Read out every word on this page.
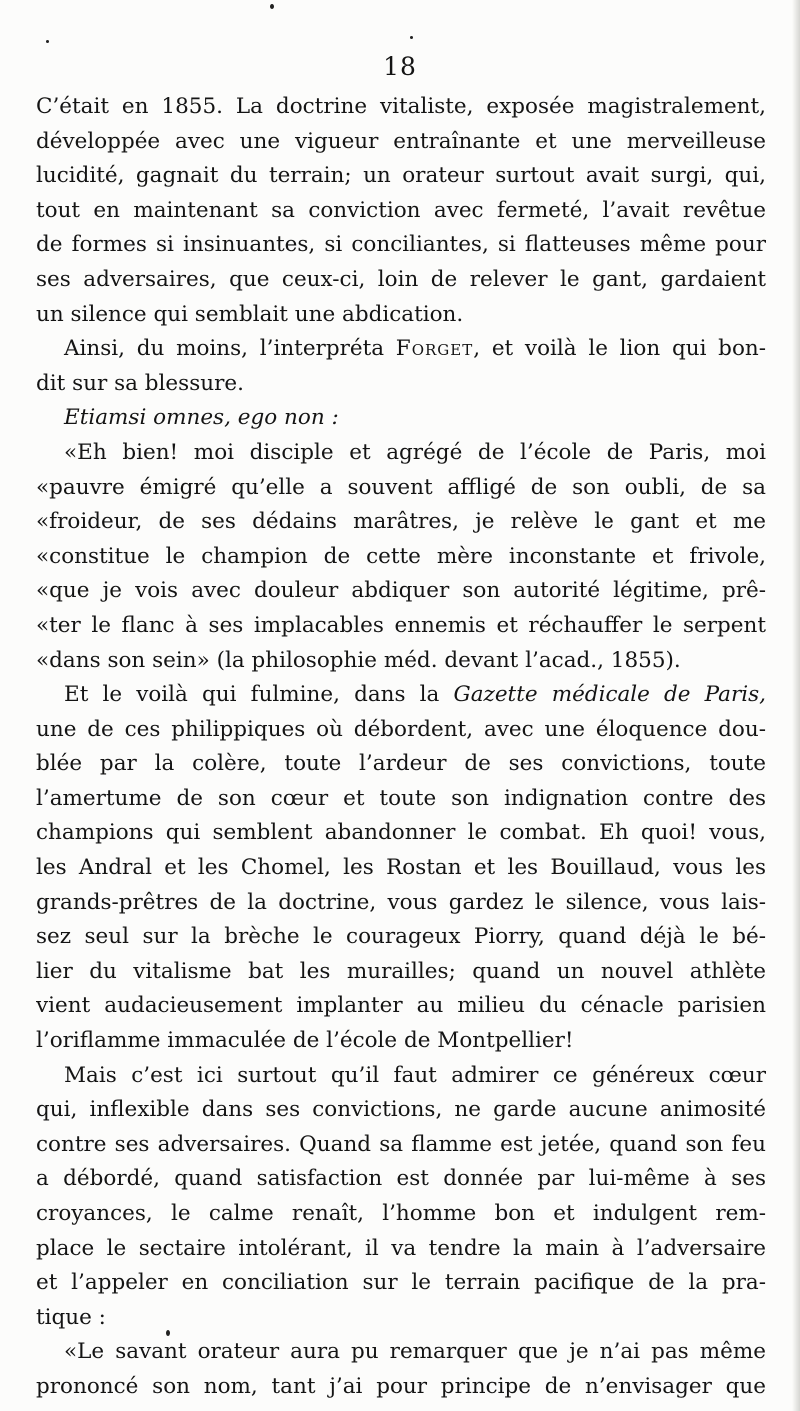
18
C’était en 1855. La doctrine vitaliste, exposée magistralement,
développée avec une vigueur entraînante et une merveilleuse
lucidité, gagnait du terrain; un orateur surtout avait surgi, qui,
tout en maintenant sa conviction avec fermeté, l’avait revêtue
de formes si insinuantes, si conciliantes, si flatteuses même pour
ses adversaires, que ceux-ci, loin de relever le gant, gardaient
un silence qui semblait une abdication.
Ainsi, du moins, l’interpréta Forget, et voilà le lion qui bon-
dit sur sa blessure.
Etiamsi omnes, ego non :
«Eh bien! moi disciple et agrégé de l’école de Paris, moi
«pauvre émigré qu’elle a souvent affligé de son oubli, de sa
«froideur, de ses dédains marâtres, je relève le gant et me
«constitue le champion de cette mère inconstante et frivole,
«que je vois avec douleur abdiquer son autorité légitime, prê-
«ter le flanc à ses implacables ennemis et réchauffer le serpent
«dans son sein» (la philosophie méd. devant l’acad., 1855).
Et le voilà qui fulmine, dans la Gazette médicale de Paris,
une de ces philippiques où débordent, avec une éloquence dou-
blée par la colère, toute l’ardeur de ses convictions, toute
l’amertume de son cœur et toute son indignation contre des
champions qui semblent abandonner le combat. Eh quoi! vous,
les Andral et les Chomel, les Rostan et les Bouillaud, vous les
grands-prêtres de la doctrine, vous gardez le silence, vous lais-
sez seul sur la brèche le courageux Piorry, quand déjà le bé-
lier du vitalisme bat les murailles; quand un nouvel athlète
vient audacieusement implanter au milieu du cénacle parisien
l’oriflamme immaculée de l’école de Montpellier!
Mais c’est ici surtout qu’il faut admirer ce généreux cœur
qui, inflexible dans ses convictions, ne garde aucune animosité
contre ses adversaires. Quand sa flamme est jetée, quand son feu
a débordé, quand satisfaction est donnée par lui-même à ses
croyances, le calme renaît, l’homme bon et indulgent rem-
place le sectaire intolérant, il va tendre la main à l’adversaire
et l’appeler en conciliation sur le terrain pacifique de la pra-
tique :
«Le savant orateur aura pu remarquer que je n’ai pas même
prononcé son nom, tant j’ai pour principe de n’envisager que
